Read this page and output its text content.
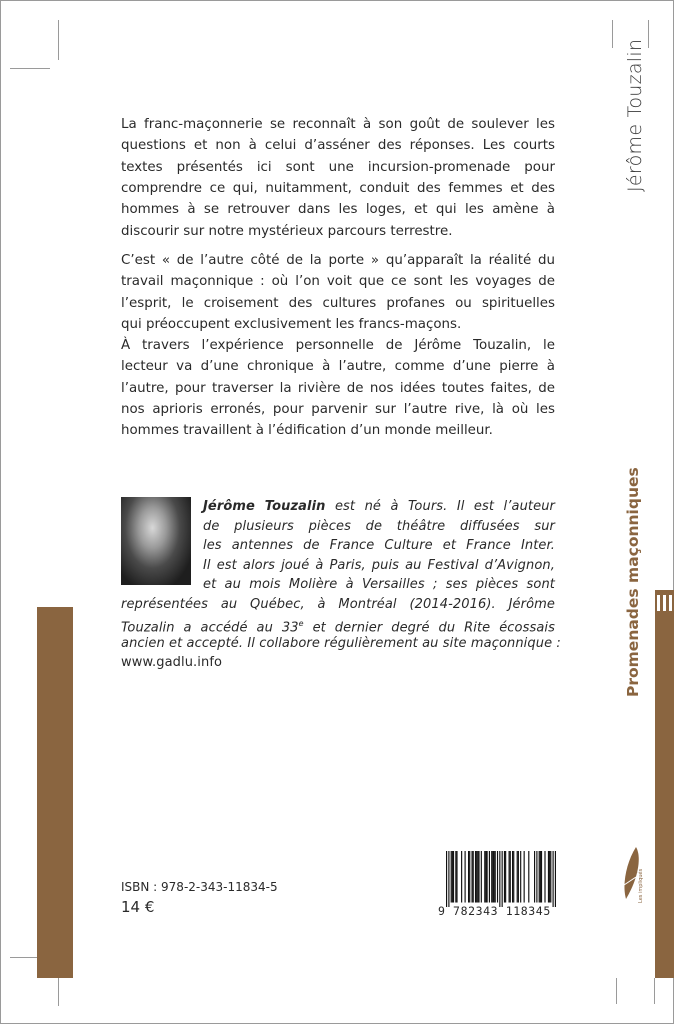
Jérôme Touzalin
Promenades maçonniques
La franc-maçonnerie se reconnaît à son goût de soulever les
questions et non à celui d’asséner des réponses. Les courts
textes présentés ici sont une incursion-promenade pour
comprendre ce qui, nuitamment, conduit des femmes et des
hommes à se retrouver dans les loges, et qui les amène à
discourir sur notre mystérieux parcours terrestre.
C’est « de l’autre côté de la porte » qu’apparaît la réalité du
travail maçonnique : où l’on voit que ce sont les voyages de
l’esprit, le croisement des cultures profanes ou spirituelles
qui préoccupent exclusivement les francs-maçons.
À travers l’expérience personnelle de Jérôme Touzalin, le
lecteur va d’une chronique à l’autre, comme d’une pierre à
l’autre, pour traverser la rivière de nos idées toutes faites, de
nos aprioris erronés, pour parvenir sur l’autre rive, là où les
hommes travaillent à l’édification d’un monde meilleur.
Jérôme Touzalin est né à Tours. Il est l’auteur
de plusieurs pièces de théâtre diffusées sur
les antennes de France Culture et France Inter.
Il est alors joué à Paris, puis au Festival d’Avignon,
et au mois Molière à Versailles ; ses pièces sont
représentées au Québec, à Montréal (2014-2016). Jérôme
Touzalin a accédé au 33e et dernier degré du Rite écossais
ancien et accepté. Il collabore régulièrement au site maçonnique :
www.gadlu.info
ISBN : 978-2-343-11834-5
14 €	9 782343 118345
Les impliqués
